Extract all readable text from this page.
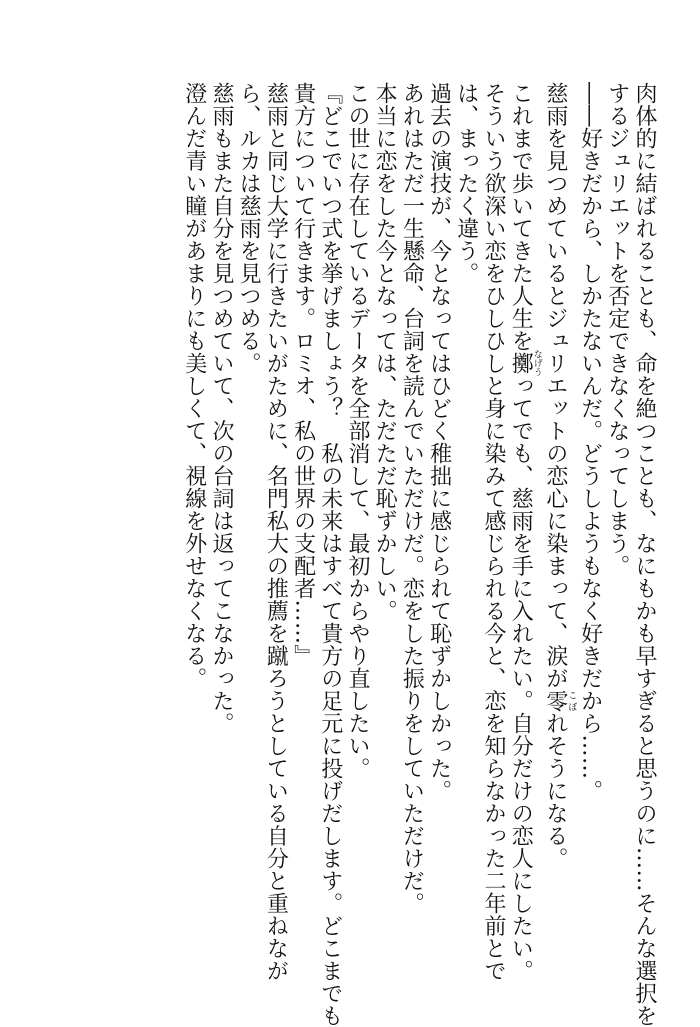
肉体的に結ばれることも、命を絶つことも、なにもかも早すぎると思うのに……そんな選択を

するジュリエットを否定できなくなってしまう。

――好きだから、しかたないんだ。どうしようもなく好きだから……。

慈雨を見つめているとジュリエットの恋心に染まって、涙が零こぼれそうになる。

これまで歩いてきた人生を擲なげうってでも、慈雨を手に入れたい。自分だけの恋人にしたい。

そういう欲深い恋をひしひしと身に染みて感じられる今と、恋を知らなかった二年前とで

は、まったく違う。

過去の演技が、今となってはひどく稚拙に感じられて恥ずかしかった。

あれはただ一生懸命、台詞を読んでいただけだ。恋をした振りをしていただけだ。

本当に恋をした今となっては、ただただ恥ずかしい。

この世に存在しているデータを全部消して、最初からやり直したい。

『どこでいつ式を挙げましょう？　私の未来はすべて貴方の足元に投げだします。どこまでも

貴方について行きます。ロミオ、私の世界の支配者……』

慈雨と同じ大学に行きたいがために、名門私大の推薦を蹴ろうとしている自分と重ねなが

ら、ルカは慈雨を見つめる。

慈雨もまた自分を見つめていて、次の台詞は返ってこなかった。

澄んだ青い瞳があまりにも美しくて、視線を外せなくなる。
